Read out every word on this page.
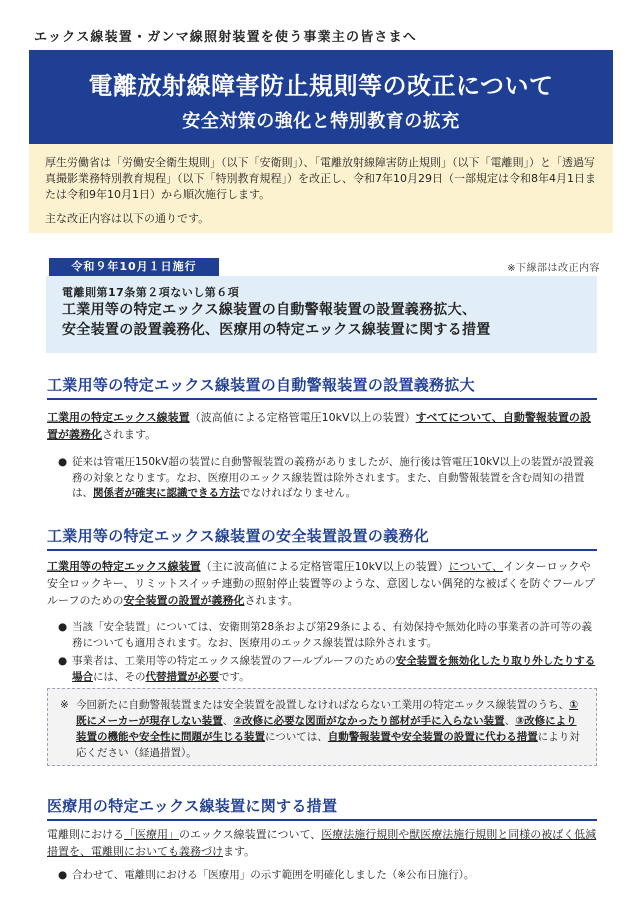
エックス線装置・ガンマ線照射装置を使う事業主の皆さまへ
電離放射線障害防止規則等の改正について
安全対策の強化と特別教育の拡充

厚生労働省は「労働安全衛生規則」（以下「安衛則」）、「電離放射線障害防止規則」（以下「電離則」）と「透過写真撮影業務特別教育規程」（以下「特別教育規程」）を改正し、令和7年10月29日（一部規定は令和8年4月1日または令和9年10月1日）から順次施行します。

主な改正内容は以下の通りです。

令和９年10月１日施行	※下線部は改正内容
電離則第17条第２項ないし第６項
工業用等の特定エックス線装置の自動警報装置の設置義務拡大、
安全装置の設置義務化、医療用の特定エックス線装置に関する措置
工業用等の特定エックス線装置の自動警報装置の設置義務拡大

工業用の特定エックス線装置（波高値による定格管電圧10kV以上の装置）すべてについて、自動警報装置の設置が義務化されます。

● 従来は管電圧150kV超の装置に自動警報装置の義務がありましたが、施行後は管電圧10kV以上の装置が設置義務の対象となります。なお、医療用のエックス線装置は除外されます。また、自動警報装置を含む周知の措置は、関係者が確実に認識できる方法でなければなりません。
工業用等の特定エックス線装置の安全装置設置の義務化

工業用等の特定エックス線装置（主に波高値による定格管電圧10kV以上の装置）について、インターロックや安全ロックキー、リミットスイッチ連動の照射停止装置等のような、意図しない偶発的な被ばくを防ぐフールプルーフのための安全装置の設置が義務化されます。

● 当該「安全装置」については、安衛則第28条および第29条による、有効保持や無効化時の事業者の許可等の義務についても適用されます。なお、医療用のエックス線装置は除外されます。
● 事業者は、工業用等の特定エックス線装置のフールプルーフのための安全装置を無効化したり取り外したりする場合には、その代替措置が必要です。
※ 今回新たに自動警報装置または安全装置を設置しなければならない工業用の特定エックス線装置のうち、①既にメーカーが現存しない装置、②改修に必要な図面がなかったり部材が手に入らない装置、③改修により装置の機能や安全性に問題が生じる装置については、自動警報装置や安全装置の設置に代わる措置により対応ください（経過措置）。
医療用の特定エックス線装置に関する措置

電離則における「医療用」のエックス線装置について、医療法施行規則や獣医療法施行規則と同様の被ばく低減措置を、電離則においても義務づけます。

● 合わせて、電離則における「医療用」の示す範囲を明確化しました（※公布日施行）。
